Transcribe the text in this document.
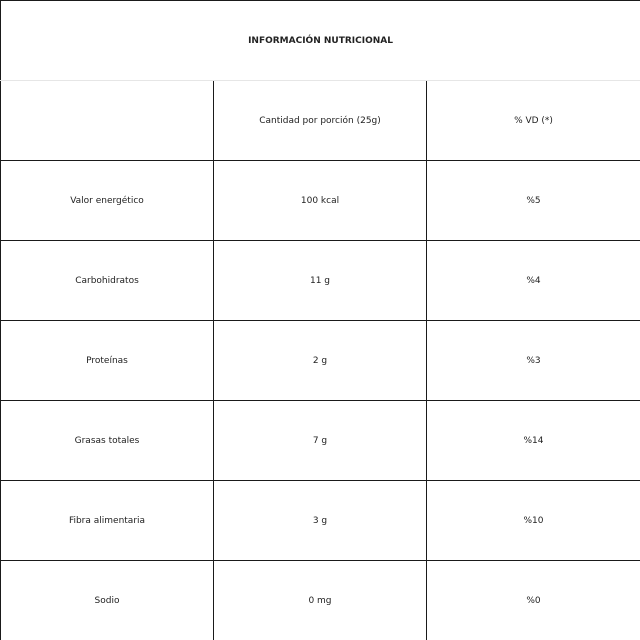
INFORMACIÓN NUTRICIONAL		
	Cantidad por porción (25g)	% VD (*)
Valor energético	100 kcal	%5
Carbohidratos	11 g	%4
Proteínas	2 g	%3
Grasas totales	7 g	%14
Fibra alimentaria	3 g	%10
Sodio	0 mg	%0
